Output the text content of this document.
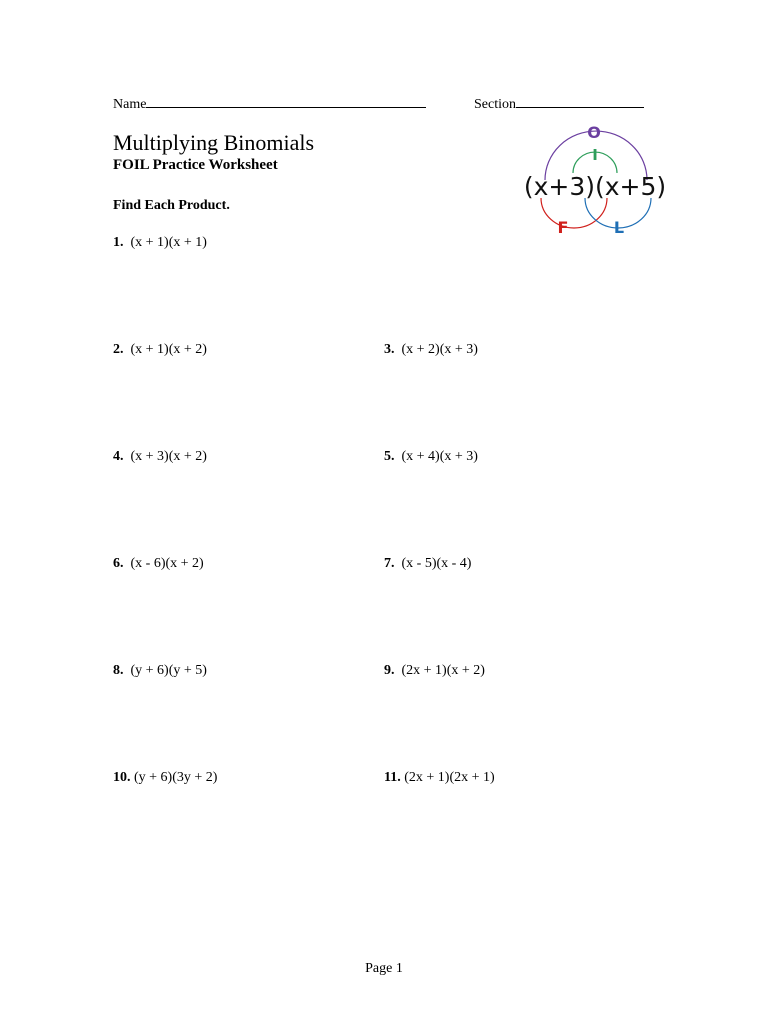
Name	Section
Multiplying Binomials
FOIL Practice Worksheet
Find Each Product.
O
I
(x+3)(x+5)
F	L
1. (x + 1)(x + 1)
2. (x + 1)(x + 2)	3. (x + 2)(x + 3)
4. (x + 3)(x + 2)	5. (x + 4)(x + 3)
6. (x - 6)(x + 2)	7. (x - 5)(x - 4)
8. (y + 6)(y + 5)	9. (2x + 1)(x + 2)
10. (y + 6)(3y + 2)	11. (2x + 1)(2x + 1)
Page 1
